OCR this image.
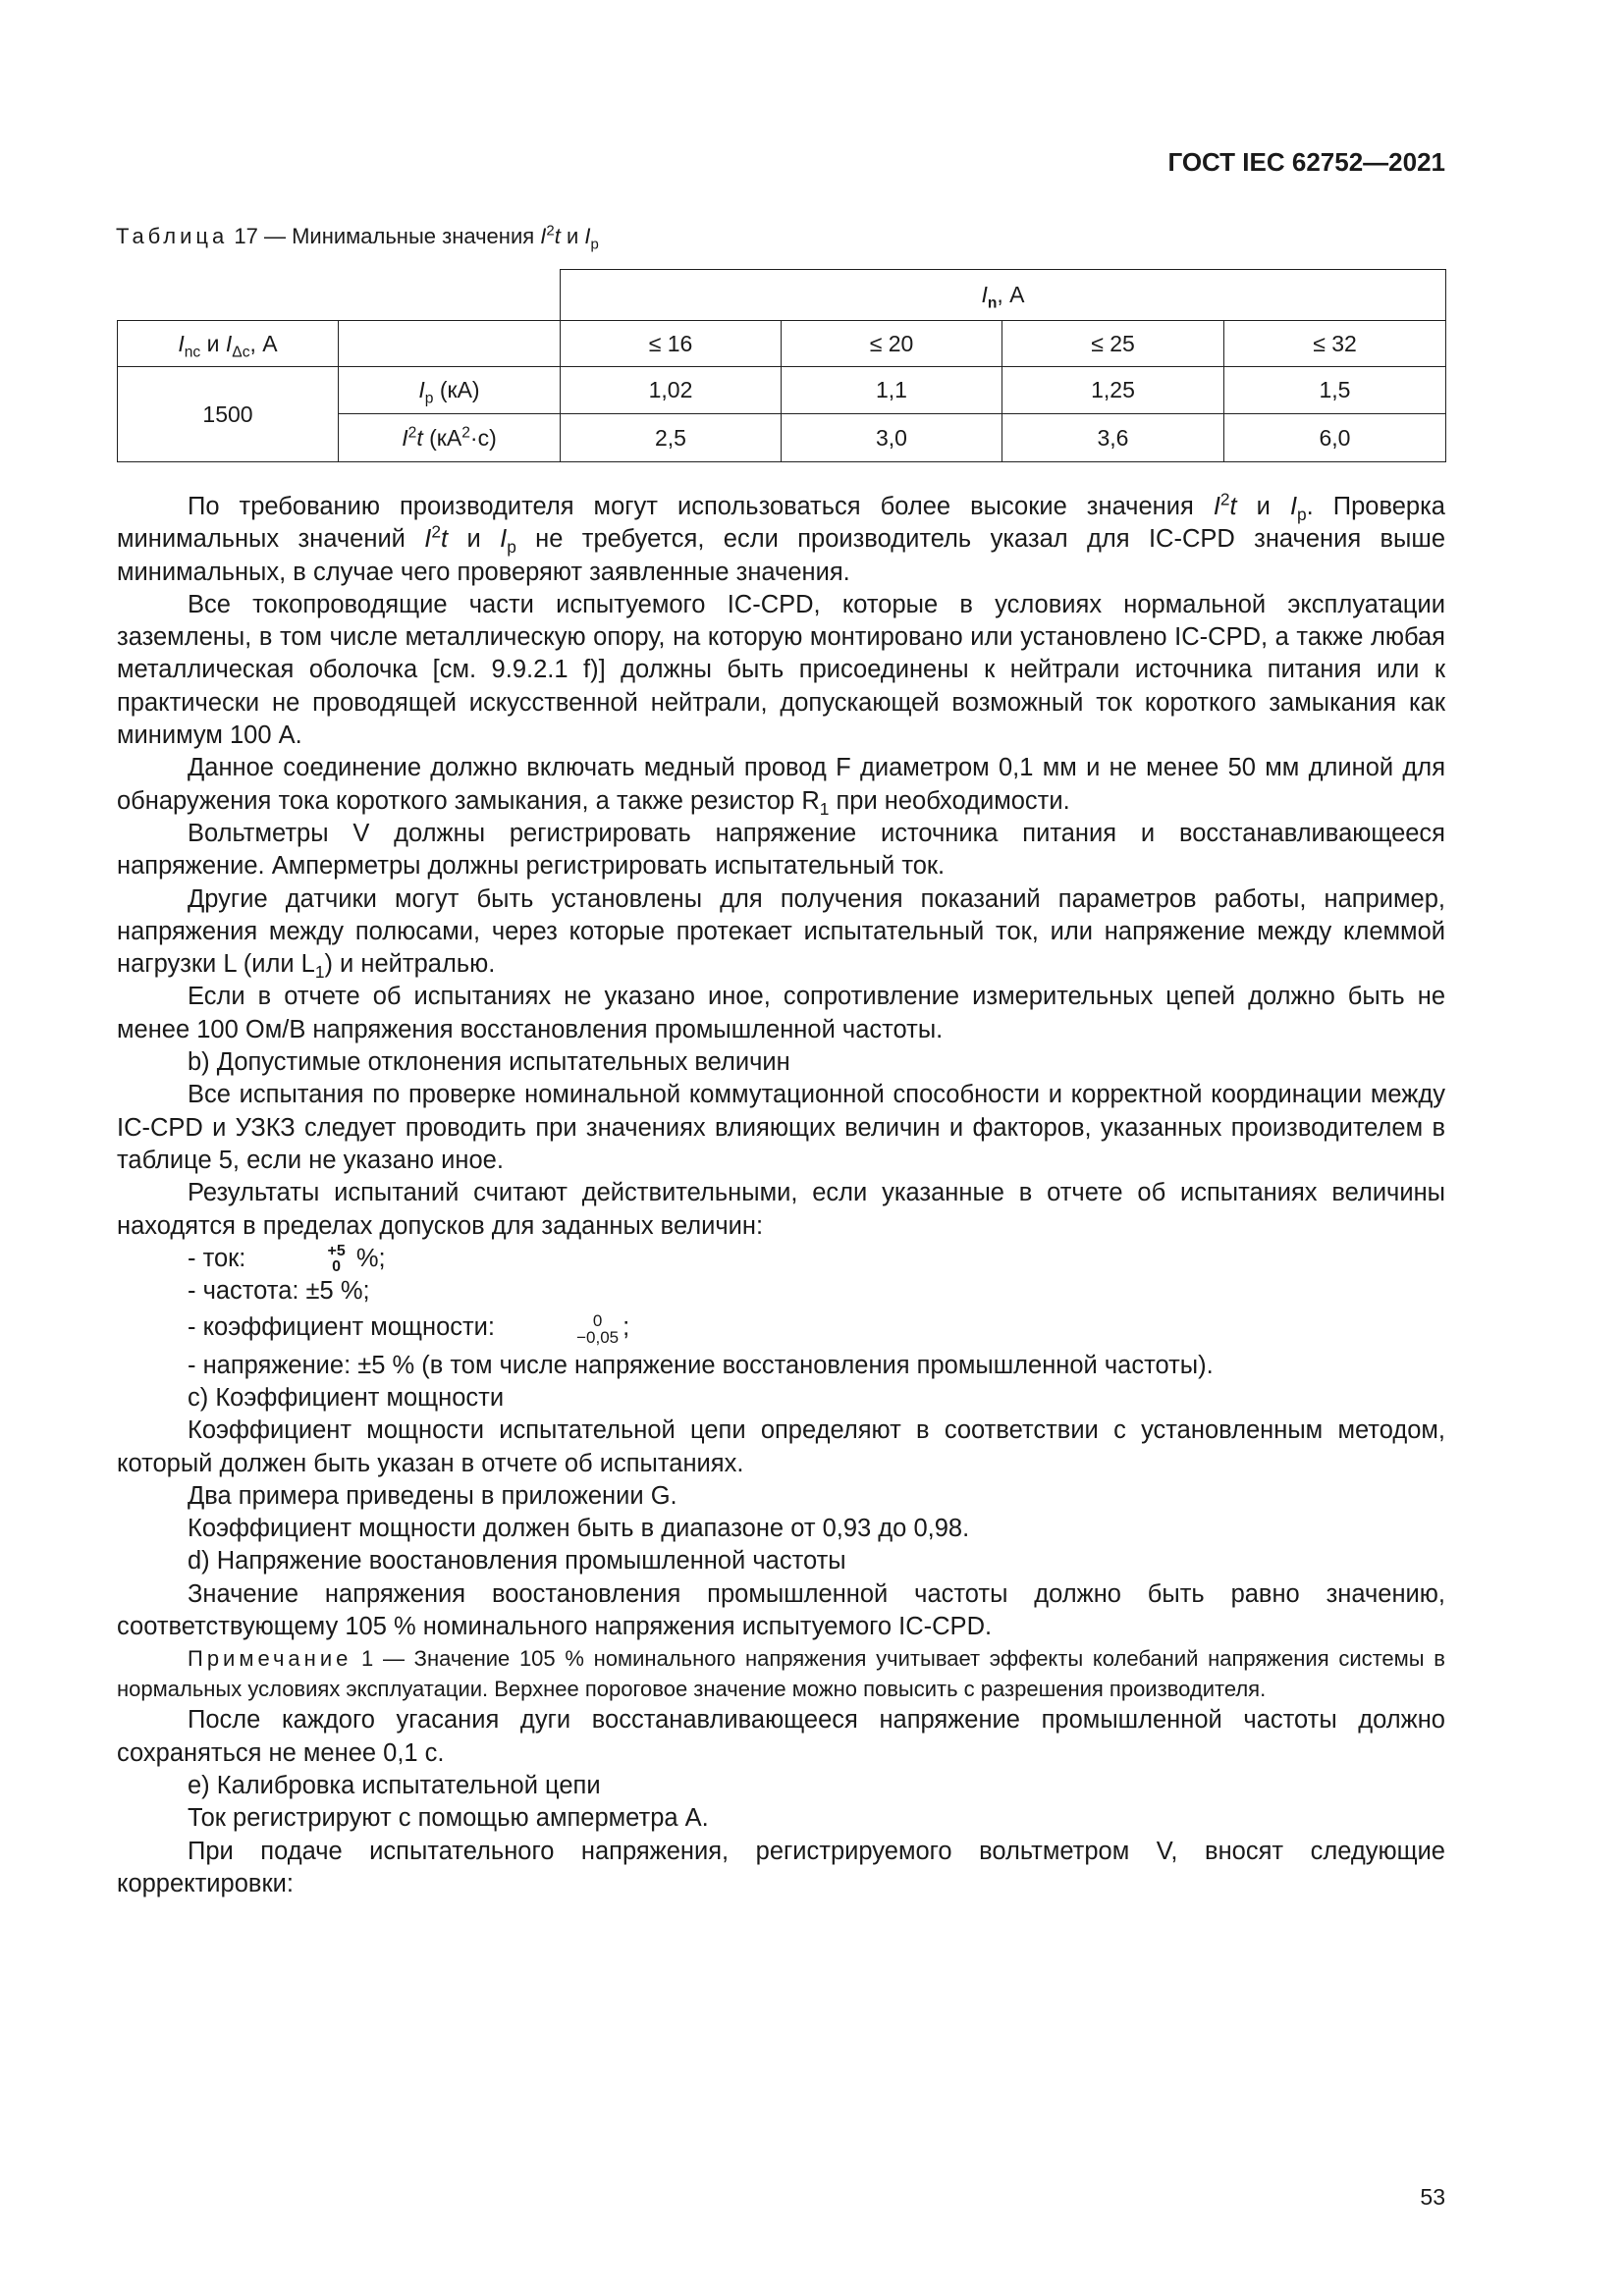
ГОСТ IEC 62752—2021
Таблица 17 — Минимальные значения $I^2t$ и $I_p$
		$I_n$, А			
$I_{nc}$ и $I_{\Delta c}$, А		≤ 16	≤ 20	≤ 25	≤ 32
1500	$I_p$ (кА)	1,02	1,1	1,25	1,5
	$I^2t$ $(кА^2\cdot с)$	2,5	3,0	3,6	6,0

По требованию производителя могут использоваться более высокие значения $I^2t$ и $I_p$. Проверка минимальных значений $I^2t$ и $I_p$ не требуется, если производитель указал для IC-CPD значения выше минимальных, в случае чего проверяют заявленные значения.

Все токопроводящие части испытуемого IC-CPD, которые в условиях нормальной эксплуатации заземлены, в том числе металлическую опору, на которую монтировано или установлено IC-CPD, а также любая металлическая оболочка [см. 9.9.2.1 f)] должны быть присоединены к нейтрали источника питания или к практически не проводящей искусственной нейтрали, допускающей возможный ток короткого замыкания как минимум 100 А.

Данное соединение должно включать медный провод F диаметром 0,1 мм и не менее 50 мм длиной для обнаружения тока короткого замыкания, а также резистор $R_1$ при необходимости.

Вольтметры V должны регистрировать напряжение источника питания и восстанавливающееся напряжение. Амперметры должны регистрировать испытательный ток.

Другие датчики могут быть установлены для получения показаний параметров работы, например, напряжения между полюсами, через которые протекает испытательный ток, или напряжение между клеммой нагрузки L (или $L_1$) и нейтралью.

Если в отчете об испытаниях не указано иное, сопротивление измерительных цепей должно быть не менее 100 Ом/В напряжения восстановления промышленной частоты.

b) Допустимые отклонения испытательных величин

Все испытания по проверке номинальной коммутационной способности и корректной координации между IC-CPD и УЗКЗ следует проводить при значениях влияющих величин и факторов, указанных производителем в таблице 5, если не указано иное.

Результаты испытаний считают действительными, если указанные в отчете об испытаниях величины находятся в пределах допусков для заданных величин:

- ток:	+5
0 %;

- частота: ±5 %;

- коэффициент мощности:	0
−0,05 ;

- напряжение: ±5 % (в том числе напряжение восстановления промышленной частоты).

c) Коэффициент мощности

Коэффициент мощности испытательной цепи определяют в соответствии с установленным методом, который должен быть указан в отчете об испытаниях.

Два примера приведены в приложении G.

Коэффициент мощности должен быть в диапазоне от 0,93 до 0,98.

d) Напряжение воостановления промышленной частоты

Значение напряжения воостановления промышленной частоты должно быть равно значению, соответствующему 105 % номинального напряжения испытуемого IC-CPD.

Примечание 1 — Значение 105 % номинального напряжения учитывает эффекты колебаний напряжения системы в нормальных условиях эксплуатации. Верхнее пороговое значение можно повысить с разрешения производителя.

После каждого угасания дуги восстанавливающееся напряжение промышленной частоты должно сохраняться не менее 0,1 с.

e) Калибровка испытательной цепи

Ток регистрируют с помощью амперметра A.

При подаче испытательного напряжения, регистрируемого вольтметром V, вносят следующие корректировки:

53
